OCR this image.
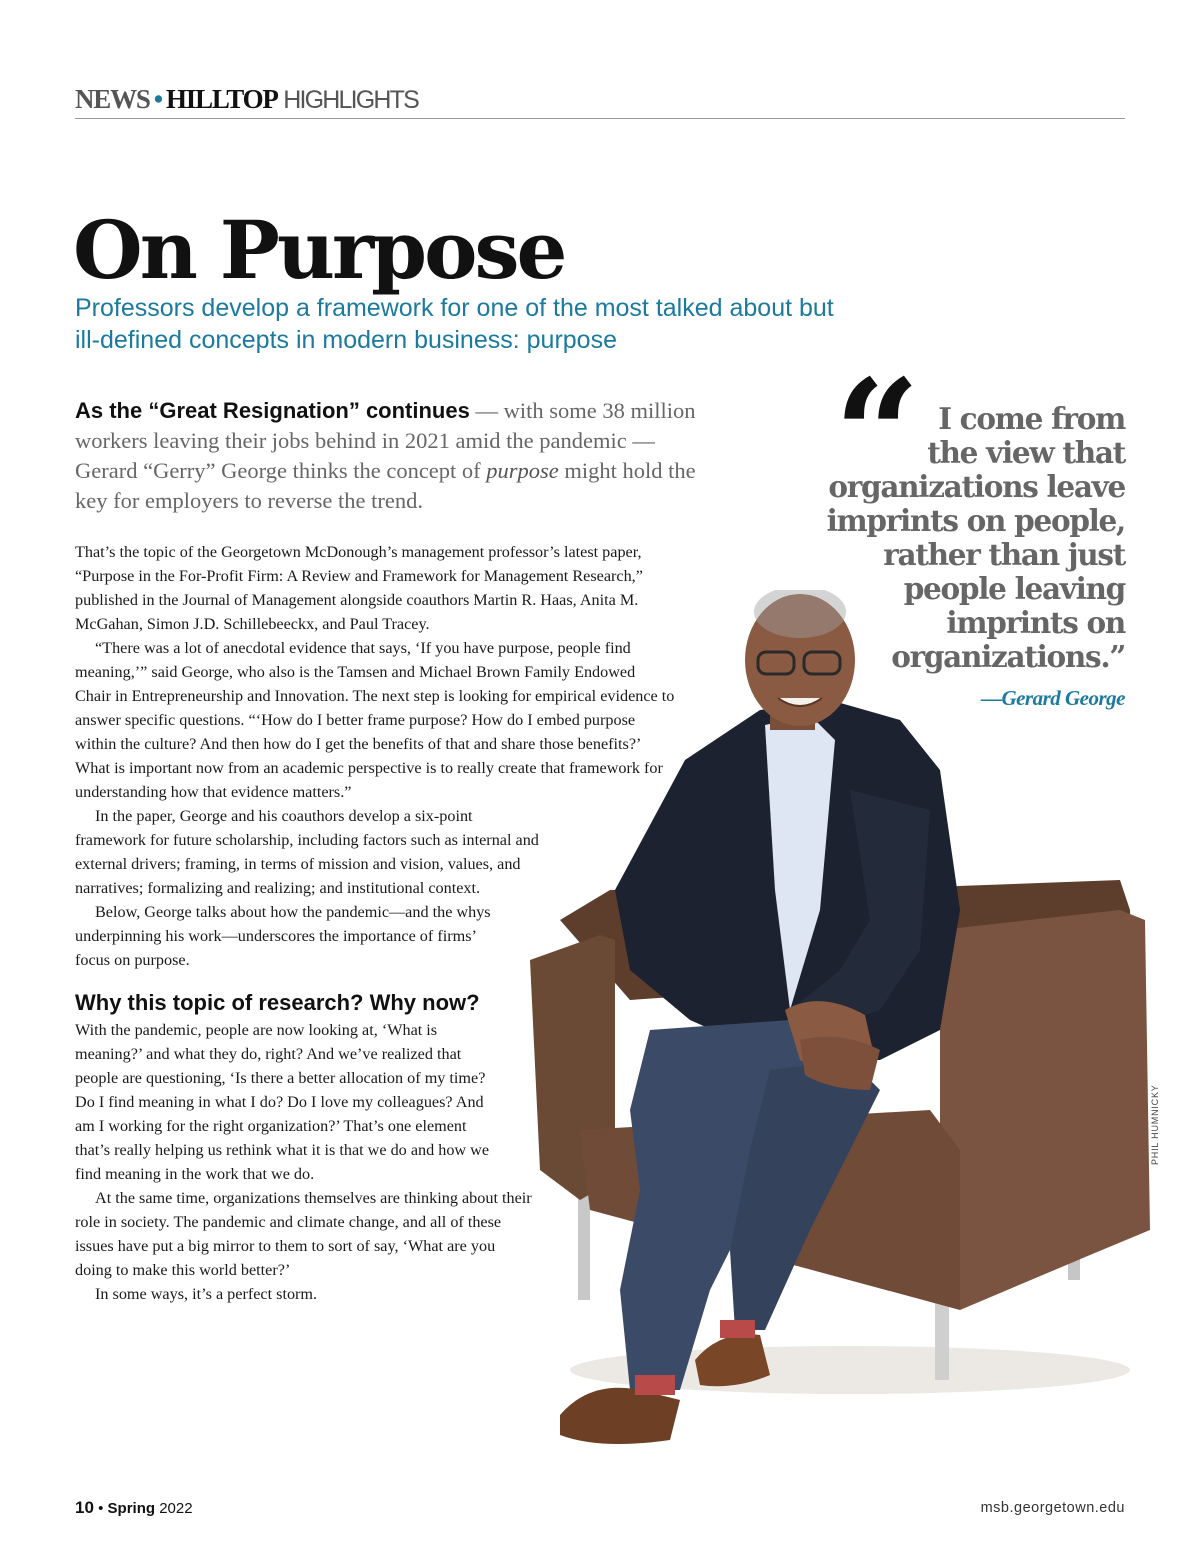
NEWS • HILLTOP HIGHLIGHTS
On Purpose

Professors develop a framework for one of the most talked about but ill-defined concepts in modern business: purpose

As the “Great Resignation” continues — with some 38 million workers leaving their jobs behind in 2021 amid the pandemic — Gerard “Gerry” George thinks the concept of purpose might hold the key for employers to reverse the trend.

PHIL HUMNICKY
“ I come from the view that organizations leave imprints on people, rather than just people leaving imprints on organizations.”

—Gerard George

That’s the topic of the Georgetown McDonough’s management professor’s latest paper, “Purpose in the For-Profit Firm: A Review and Framework for Management Research,” published in the Journal of Management alongside coauthors Martin R. Haas, Anita M. McGahan, Simon J.D. Schillebeeckx, and Paul Tracey.

“There was a lot of anecdotal evidence that says, ‘If you have purpose, people find meaning,’” said George, who also is the Tamsen and Michael Brown Family Endowed Chair in Entrepreneurship and Innovation. The next step is looking for empirical evidence to answer specific questions. “‘How do I better frame purpose? How do I embed purpose within the culture? And then how do I get the benefits of that and share those benefits?’ What is important now from an academic perspective is to really create that framework for understanding how that evidence matters.”

In the paper, George and his coauthors develop a six-point framework for future scholarship, including factors such as internal and external drivers; framing, in terms of mission and vision, values, and narratives; formalizing and realizing; and institutional context.

Below, George talks about how the pandemic—and the whys underpinning his work—underscores the importance of firms’ focus on purpose.

Why this topic of research? Why now?

With the pandemic, people are now looking at, ‘What is meaning?’ and what they do, right? And we’ve realized that people are questioning, ‘Is there a better allocation of my time? Do I find meaning in what I do? Do I love my colleagues? And am I working for the right organization?’ That’s one element that’s really helping us rethink what it is that we do and how we find meaning in the work that we do.

At the same time, organizations themselves are thinking about their role in society. The pandemic and climate change, and all of these issues have put a big mirror to them to sort of say, ‘What are you doing to make this world better?’

In some ways, it’s a perfect storm.

10 • Spring 2022	msb.georgetown.edu
